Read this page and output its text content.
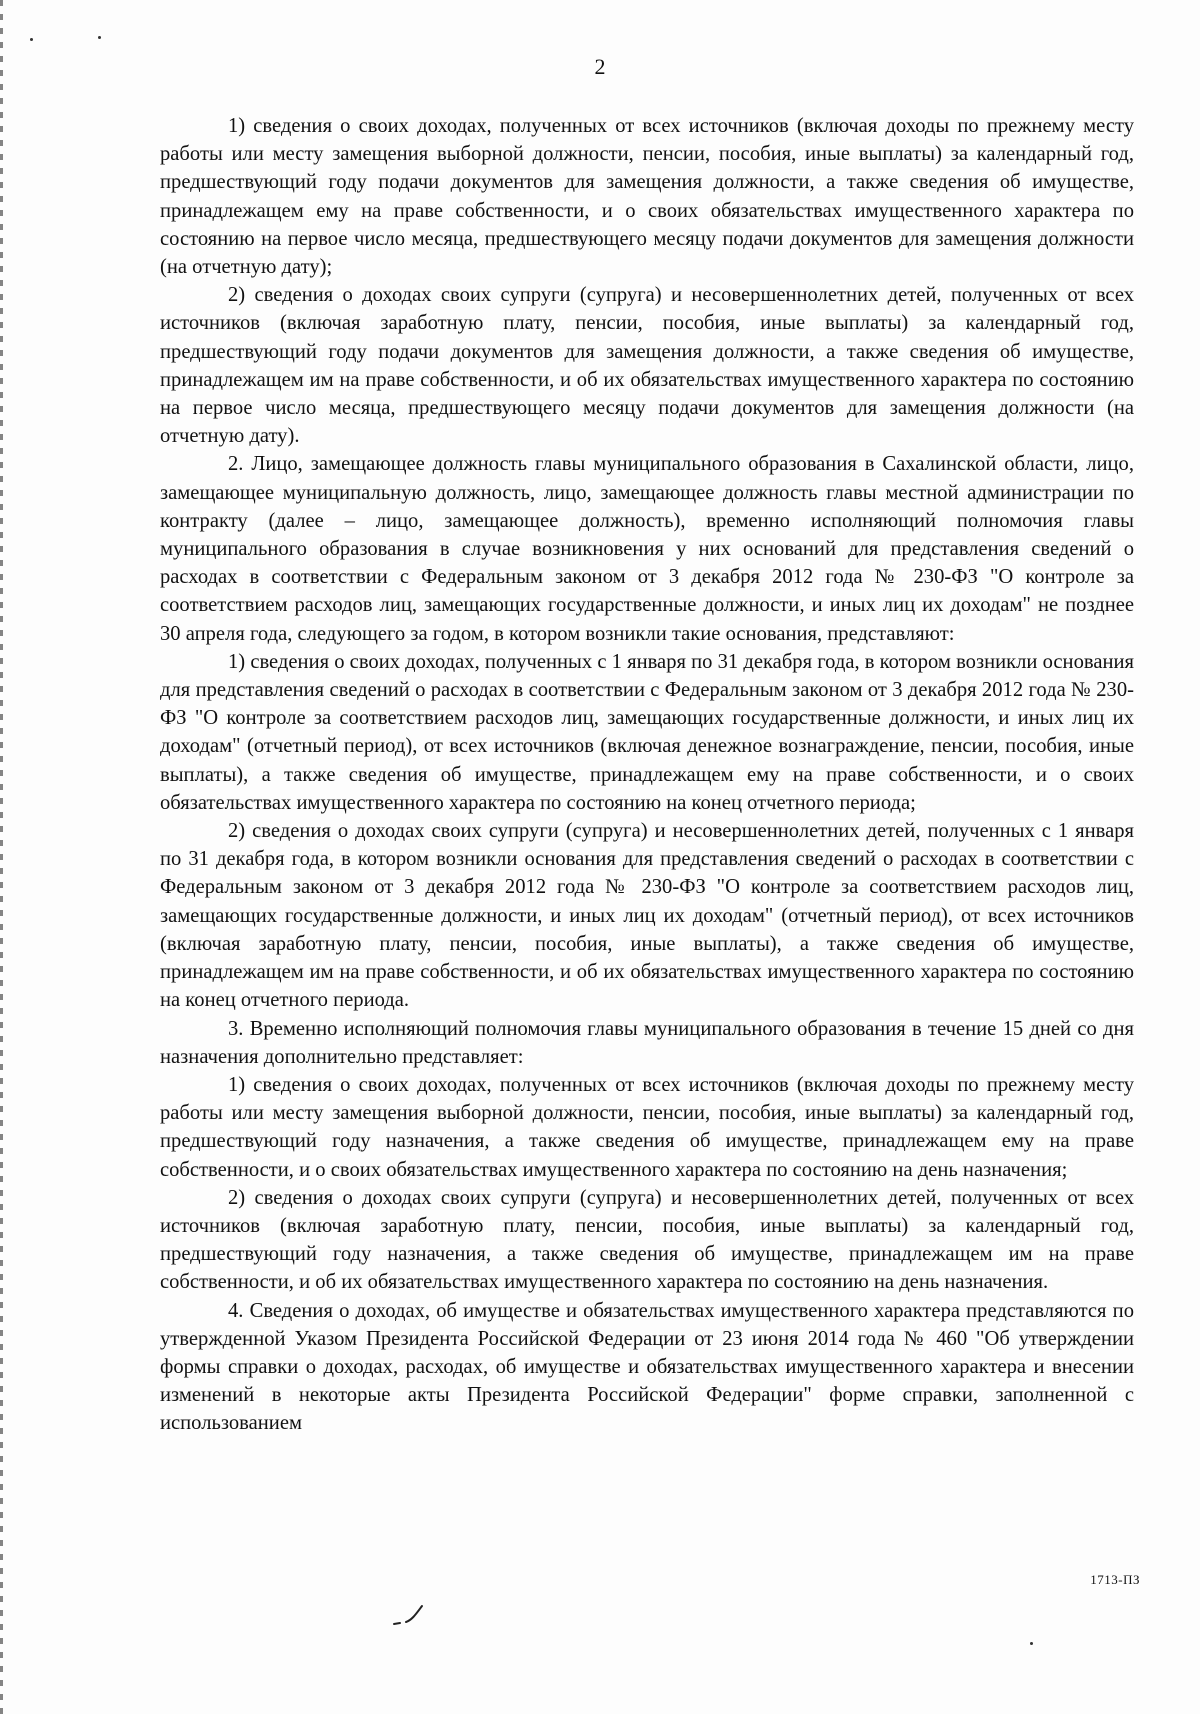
2

1) сведения о своих доходах, полученных от всех источников (включая доходы по прежнему месту работы или месту замещения выборной должности, пенсии, пособия, иные выплаты) за календарный год, предшествующий году подачи документов для замещения должности, а также сведения об имуществе, принадлежащем ему на праве собственности, и о своих обязательствах имущественного характера по состоянию на первое число месяца, предшествующего месяцу подачи документов для замещения должности (на отчетную дату);

2) сведения о доходах своих супруги (супруга) и несовершеннолетних детей, полученных от всех источников (включая заработную плату, пенсии, пособия, иные выплаты) за календарный год, предшествующий году подачи документов для замещения должности, а также сведения об имуществе, принадлежащем им на праве собственности, и об их обязательствах имущественного характера по состоянию на первое число месяца, предшествующего месяцу подачи документов для замещения должности (на отчетную дату).

2. Лицо, замещающее должность главы муниципального образования в Сахалинской области, лицо, замещающее муниципальную должность, лицо, замещающее должность главы местной администрации по контракту (далее – лицо, замещающее должность), временно исполняющий полномочия главы муниципального образования в случае возникновения у них оснований для представления сведений о расходах в соответствии с Федеральным законом от 3 декабря 2012 года № 230-ФЗ "О контроле за соответствием расходов лиц, замещающих государственные должности, и иных лиц их доходам" не позднее 30 апреля года, следующего за годом, в котором возникли такие основания, представляют:

1) сведения о своих доходах, полученных с 1 января по 31 декабря года, в котором возникли основания для представления сведений о расходах в соответствии с Федеральным законом от 3 декабря 2012 года № 230-ФЗ "О контроле за соответствием расходов лиц, замещающих государственные должности, и иных лиц их доходам" (отчетный период), от всех источников (включая денежное вознаграждение, пенсии, пособия, иные выплаты), а также сведения об имуществе, принадлежащем ему на праве собственности, и о своих обязательствах имущественного характера по состоянию на конец отчетного периода;

2) сведения о доходах своих супруги (супруга) и несовершеннолетних детей, полученных с 1 января по 31 декабря года, в котором возникли основания для представления сведений о расходах в соответствии с Федеральным законом от 3 декабря 2012 года № 230-ФЗ "О контроле за соответствием расходов лиц, замещающих государственные должности, и иных лиц их доходам" (отчетный период), от всех источников (включая заработную плату, пенсии, пособия, иные выплаты), а также сведения об имуществе, принадлежащем им на праве собственности, и об их обязательствах имущественного характера по состоянию на конец отчетного периода.

3. Временно исполняющий полномочия главы муниципального образования в течение 15 дней со дня назначения дополнительно представляет:

1) сведения о своих доходах, полученных от всех источников (включая доходы по прежнему месту работы или месту замещения выборной должности, пенсии, пособия, иные выплаты) за календарный год, предшествующий году назначения, а также сведения об имуществе, принадлежащем ему на праве собственности, и о своих обязательствах имущественного характера по состоянию на день назначения;

2) сведения о доходах своих супруги (супруга) и несовершеннолетних детей, полученных от всех источников (включая заработную плату, пенсии, пособия, иные выплаты) за календарный год, предшествующий году назначения, а также сведения об имуществе, принадлежащем им на праве собственности, и об их обязательствах имущественного характера по состоянию на день назначения.

4. Сведения о доходах, об имуществе и обязательствах имущественного характера представляются по утвержденной Указом Президента Российской Федерации от 23 июня 2014 года № 460 "Об утверждении формы справки о доходах, расходах, об имуществе и обязательствах имущественного характера и внесении изменений в некоторые акты Президента Российской Федерации" форме справки, заполненной с использованием

1713-ПЗ
